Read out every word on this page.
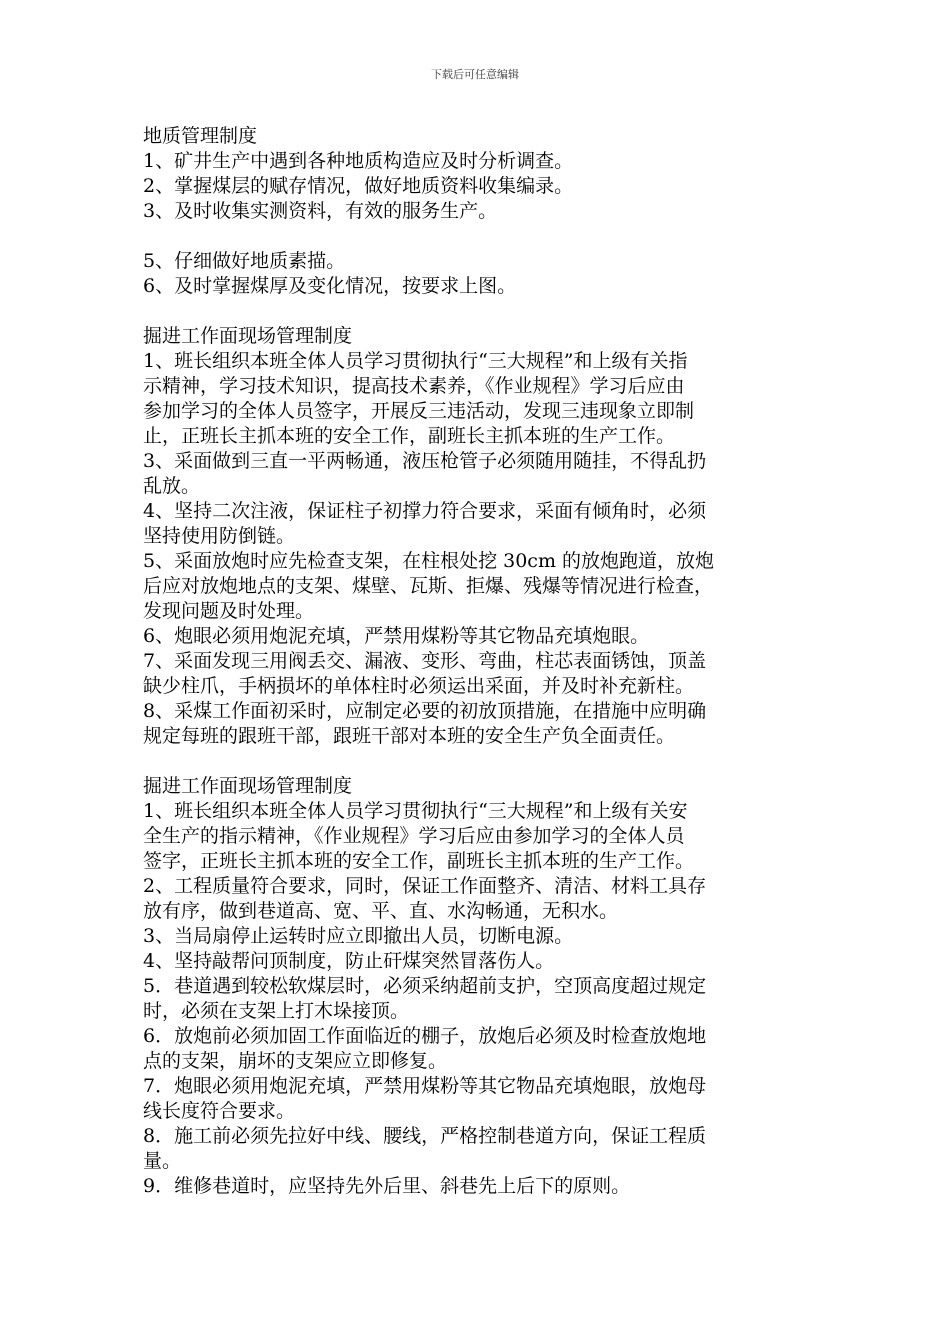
下载后可任意编辑
地质管理制度
1、矿井生产中遇到各种地质构造应及时分析调查。
2、掌握煤层的赋存情况，做好地质资料收集编录。
3、及时收集实测资料，有效的服务生产。
5、仔细做好地质素描。
6、及时掌握煤厚及变化情况，按要求上图。
掘进工作面现场管理制度
1、班长组织本班全体人员学习贯彻执行“三大规程”和上级有关指
示精神，学习技术知识，提高技术素养，《作业规程》学习后应由
参加学习的全体人员签字，开展反三违活动，发现三违现象立即制
止，正班长主抓本班的安全工作，副班长主抓本班的生产工作。
3、采面做到三直一平两畅通，液压枪管子必须随用随挂，不得乱扔
乱放。
4、坚持二次注液，保证柱子初撑力符合要求，采面有倾角时，必须
坚持使用防倒链。
5、采面放炮时应先检查支架，在柱根处挖 30cm 的放炮跑道，放炮
后应对放炮地点的支架、煤壁、瓦斯、拒爆、残爆等情况进行检查，
发现问题及时处理。
6、炮眼必须用炮泥充填，严禁用煤粉等其它物品充填炮眼。
7、采面发现三用阀丢交、漏液、变形、弯曲，柱芯表面锈蚀，顶盖
缺少柱爪，手柄损坏的单体柱时必须运出采面，并及时补充新柱。
8、采煤工作面初采时，应制定必要的初放顶措施，在措施中应明确
规定每班的跟班干部，跟班干部对本班的安全生产负全面责任。
掘进工作面现场管理制度
1、班长组织本班全体人员学习贯彻执行“三大规程”和上级有关安
全生产的指示精神，《作业规程》学习后应由参加学习的全体人员
签字，正班长主抓本班的安全工作，副班长主抓本班的生产工作。
2、工程质量符合要求，同时，保证工作面整齐、清洁、材料工具存
放有序，做到巷道高、宽、平、直、水沟畅通，无积水。
3、当局扇停止运转时应立即撤出人员，切断电源。
4、坚持敲帮问顶制度，防止矸煤突然冒落伤人。
5．巷道遇到较松软煤层时，必须采纳超前支护，空顶高度超过规定
时，必须在支架上打木垛接顶。
6．放炮前必须加固工作面临近的棚子，放炮后必须及时检查放炮地
点的支架，崩坏的支架应立即修复。
7．炮眼必须用炮泥充填，严禁用煤粉等其它物品充填炮眼，放炮母
线长度符合要求。
8．施工前必须先拉好中线、腰线，严格控制巷道方向，保证工程质
量。
9．维修巷道时，应坚持先外后里、斜巷先上后下的原则。
